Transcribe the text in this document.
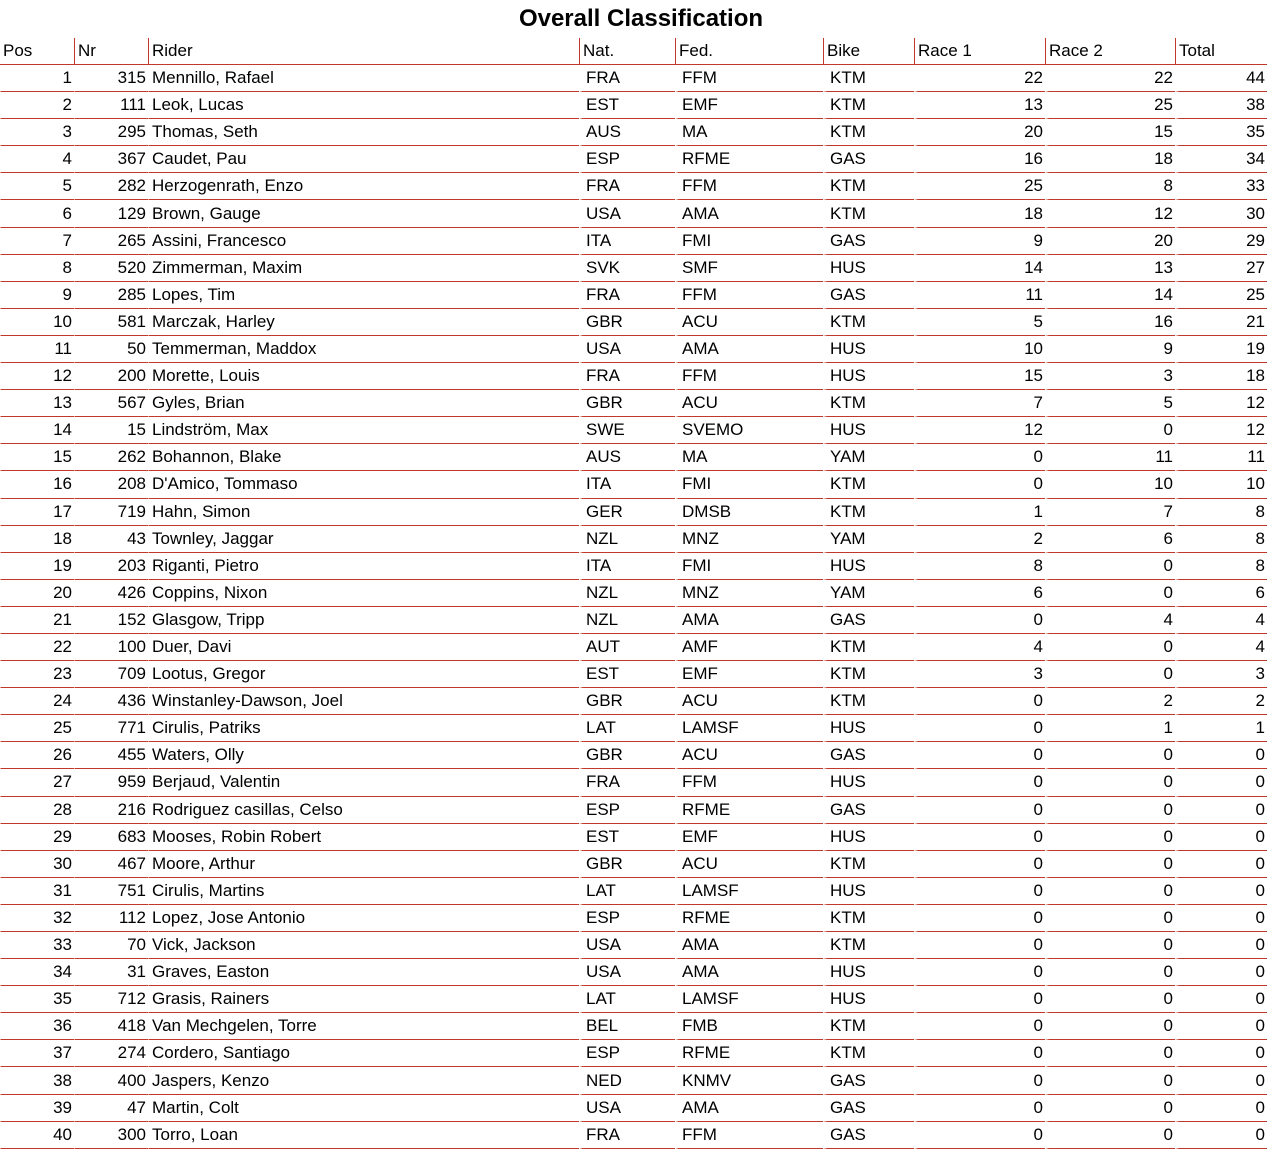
Overall Classification
Pos	Nr	Rider	Nat.	Fed.	Bike	Race 1	Race 2	Total
1	315	Mennillo, Rafael	FRA	FFM	KTM	22	22	44
2	111	Leok, Lucas	EST	EMF	KTM	13	25	38
3	295	Thomas, Seth	AUS	MA	KTM	20	15	35
4	367	Caudet, Pau	ESP	RFME	GAS	16	18	34
5	282	Herzogenrath, Enzo	FRA	FFM	KTM	25	8	33
6	129	Brown, Gauge	USA	AMA	KTM	18	12	30
7	265	Assini, Francesco	ITA	FMI	GAS	9	20	29
8	520	Zimmerman, Maxim	SVK	SMF	HUS	14	13	27
9	285	Lopes, Tim	FRA	FFM	GAS	11	14	25
10	581	Marczak, Harley	GBR	ACU	KTM	5	16	21
11	50	Temmerman, Maddox	USA	AMA	HUS	10	9	19
12	200	Morette, Louis	FRA	FFM	HUS	15	3	18
13	567	Gyles, Brian	GBR	ACU	KTM	7	5	12
14	15	Lindström, Max	SWE	SVEMO	HUS	12	0	12
15	262	Bohannon, Blake	AUS	MA	YAM	0	11	11
16	208	D'Amico, Tommaso	ITA	FMI	KTM	0	10	10
17	719	Hahn, Simon	GER	DMSB	KTM	1	7	8
18	43	Townley, Jaggar	NZL	MNZ	YAM	2	6	8
19	203	Riganti, Pietro	ITA	FMI	HUS	8	0	8
20	426	Coppins, Nixon	NZL	MNZ	YAM	6	0	6
21	152	Glasgow, Tripp	NZL	AMA	GAS	0	4	4
22	100	Duer, Davi	AUT	AMF	KTM	4	0	4
23	709	Lootus, Gregor	EST	EMF	KTM	3	0	3
24	436	Winstanley-Dawson, Joel	GBR	ACU	KTM	0	2	2
25	771	Cirulis, Patriks	LAT	LAMSF	HUS	0	1	1
26	455	Waters, Olly	GBR	ACU	GAS	0	0	0
27	959	Berjaud, Valentin	FRA	FFM	HUS	0	0	0
28	216	Rodriguez casillas, Celso	ESP	RFME	GAS	0	0	0
29	683	Mooses, Robin Robert	EST	EMF	HUS	0	0	0
30	467	Moore, Arthur	GBR	ACU	KTM	0	0	0
31	751	Cirulis, Martins	LAT	LAMSF	HUS	0	0	0
32	112	Lopez, Jose Antonio	ESP	RFME	KTM	0	0	0
33	70	Vick, Jackson	USA	AMA	KTM	0	0	0
34	31	Graves, Easton	USA	AMA	HUS	0	0	0
35	712	Grasis, Rainers	LAT	LAMSF	HUS	0	0	0
36	418	Van Mechgelen, Torre	BEL	FMB	KTM	0	0	0
37	274	Cordero, Santiago	ESP	RFME	KTM	0	0	0
38	400	Jaspers, Kenzo	NED	KNMV	GAS	0	0	0
39	47	Martin, Colt	USA	AMA	GAS	0	0	0
40	300	Torro, Loan	FRA	FFM	GAS	0	0	0
